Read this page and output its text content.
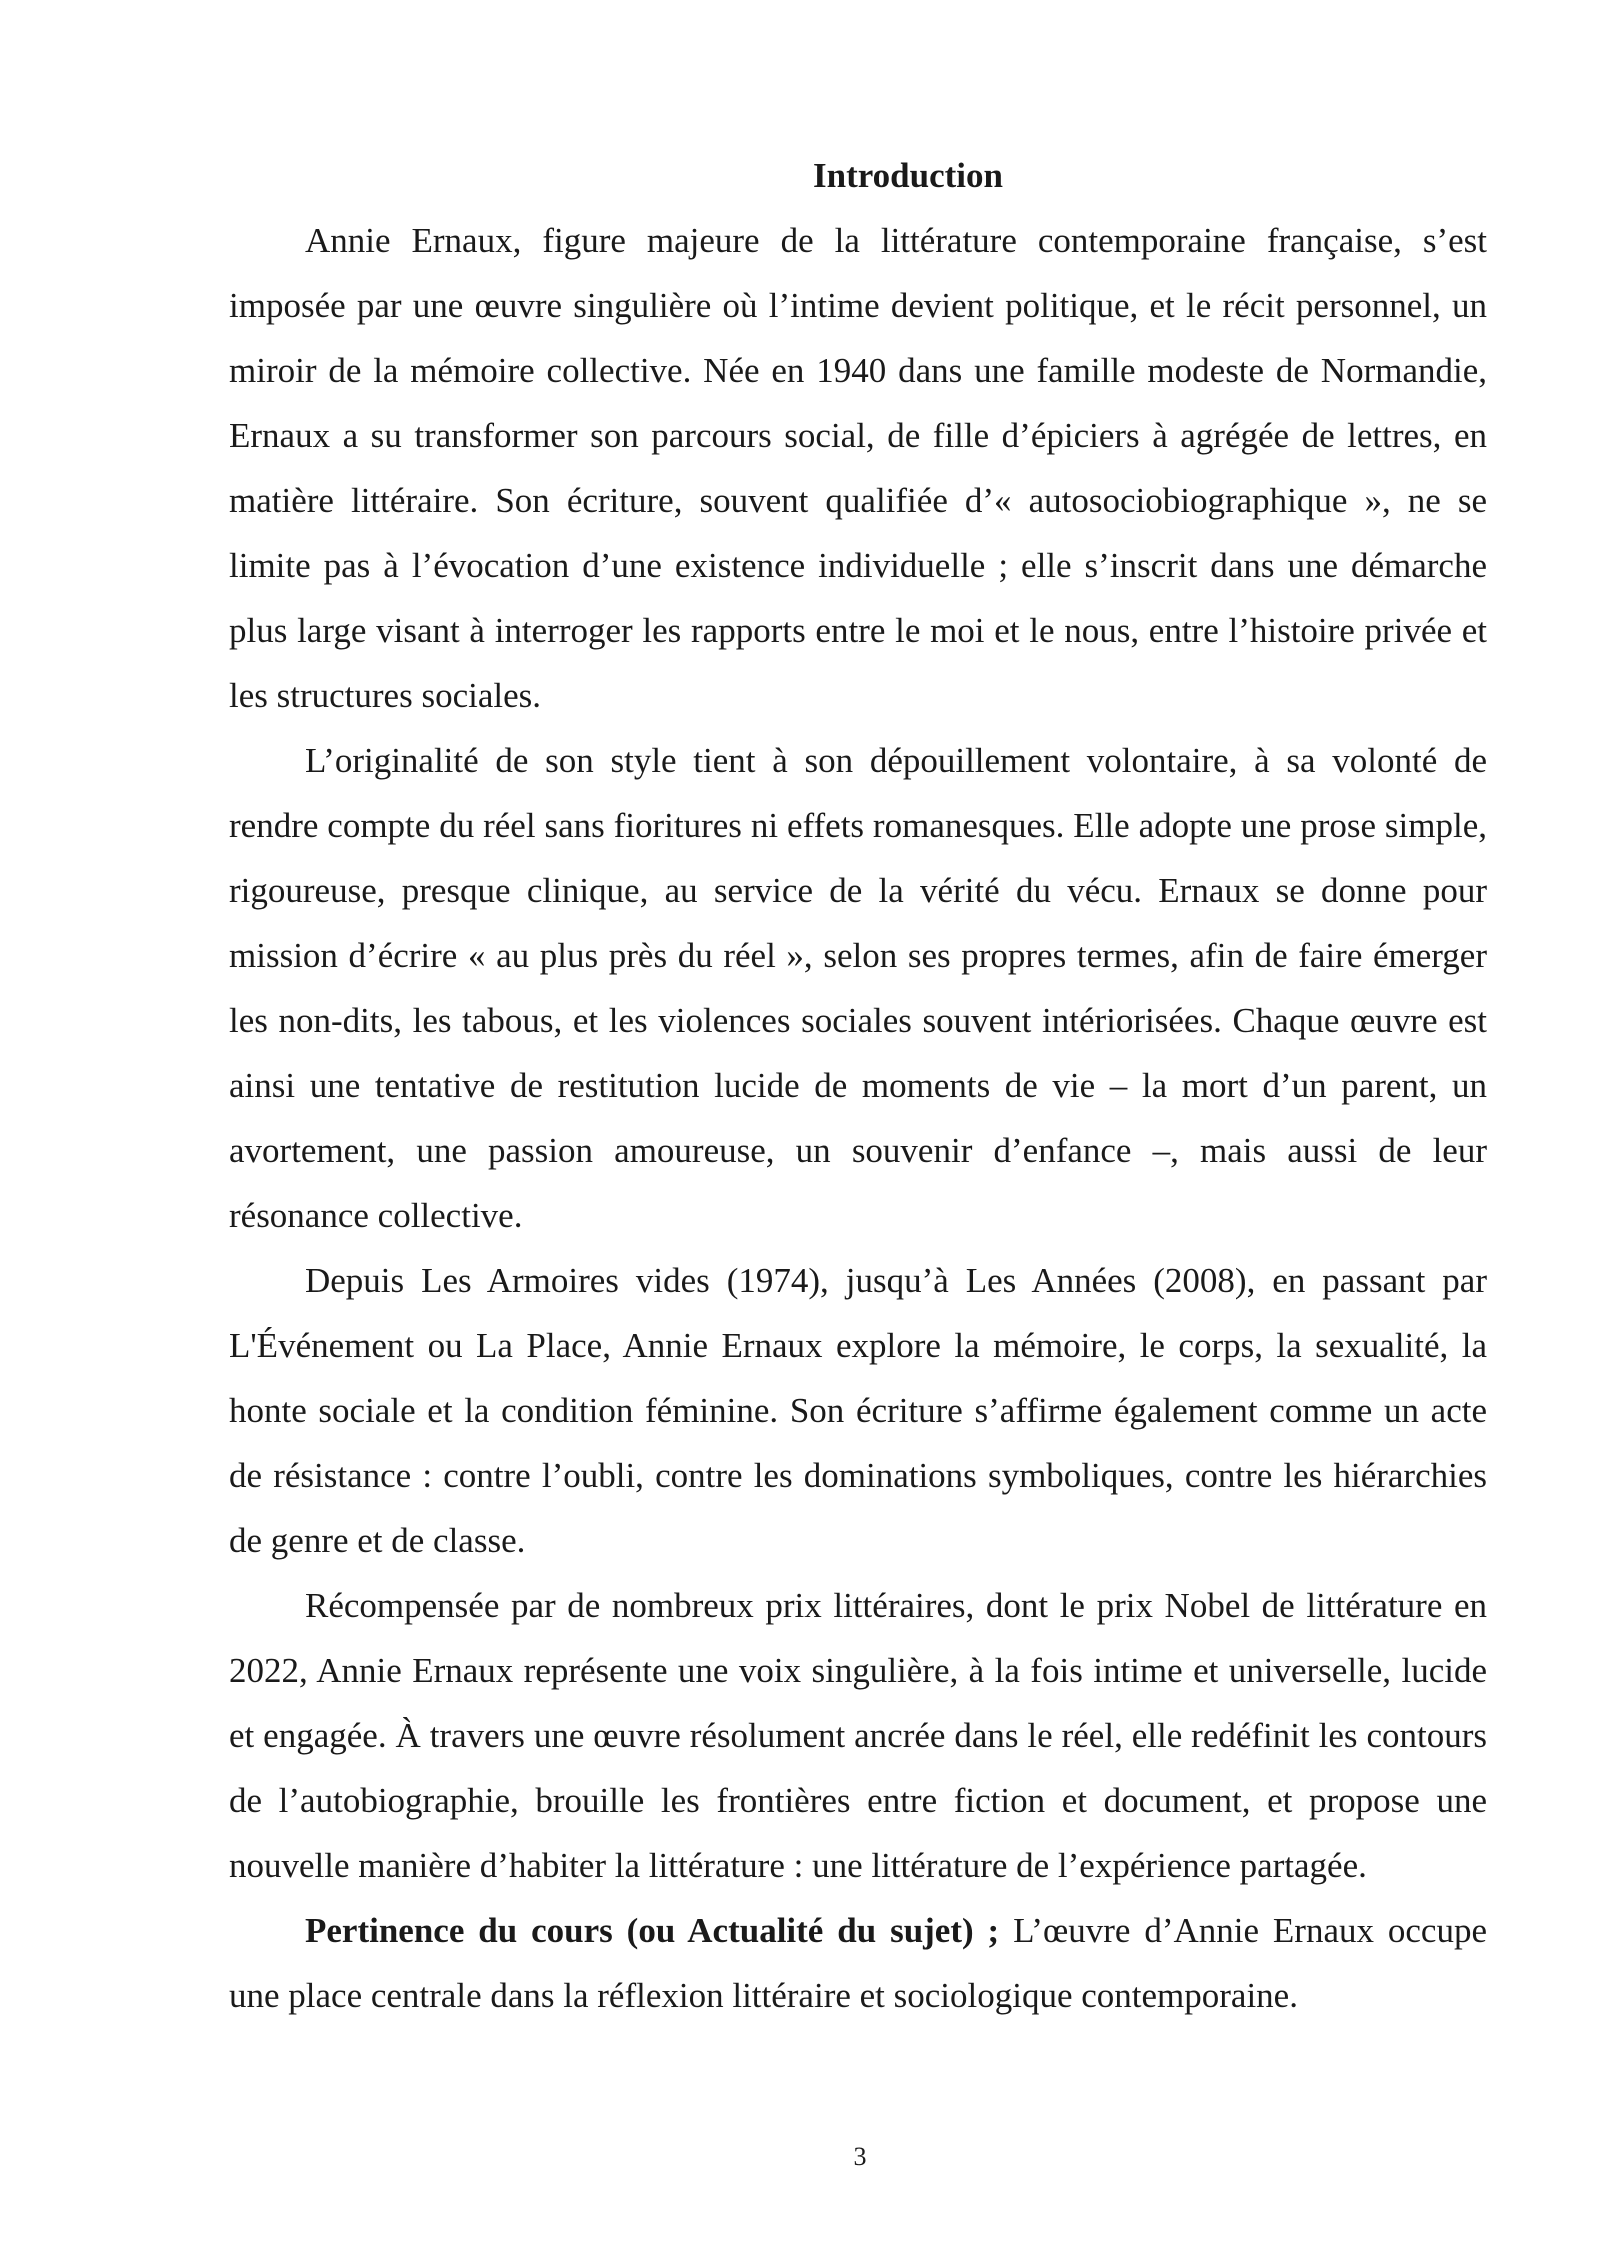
Introduction

Annie Ernaux, figure majeure de la littérature contemporaine française, s’est imposée par une œuvre singulière où l’intime devient politique, et le récit personnel, un miroir de la mémoire collective. Née en 1940 dans une famille modeste de Normandie, Ernaux a su transformer son parcours social, de fille d’épiciers à agrégée de lettres, en matière littéraire. Son écriture, souvent qualifiée d’« autosociobiographique », ne se limite pas à l’évocation d’une existence individuelle ; elle s’inscrit dans une démarche plus large visant à interroger les rapports entre le moi et le nous, entre l’histoire privée et les structures sociales.

L’originalité de son style tient à son dépouillement volontaire, à sa volonté de rendre compte du réel sans fioritures ni effets romanesques. Elle adopte une prose simple, rigoureuse, presque clinique, au service de la vérité du vécu. Ernaux se donne pour mission d’écrire « au plus près du réel », selon ses propres termes, afin de faire émerger les non-dits, les tabous, et les violences sociales souvent intériorisées. Chaque œuvre est ainsi une tentative de restitution lucide de moments de vie – la mort d’un parent, un avortement, une passion amoureuse, un souvenir d’enfance –, mais aussi de leur résonance collective.

Depuis Les Armoires vides (1974), jusqu’à Les Années (2008), en passant par L'Événement ou La Place, Annie Ernaux explore la mémoire, le corps, la sexualité, la honte sociale et la condition féminine. Son écriture s’affirme également comme un acte de résistance : contre l’oubli, contre les dominations symboliques, contre les hiérarchies de genre et de classe.

Récompensée par de nombreux prix littéraires, dont le prix Nobel de littérature en 2022, Annie Ernaux représente une voix singulière, à la fois intime et universelle, lucide et engagée. À travers une œuvre résolument ancrée dans le réel, elle redéfinit les contours de l’autobiographie, brouille les frontières entre fiction et document, et propose une nouvelle manière d’habiter la littérature : une littérature de l’expérience partagée.

Pertinence du cours (ou Actualité du sujet) ; L’œuvre d’Annie Ernaux occupe une place centrale dans la réflexion littéraire et sociologique contemporaine.

3
